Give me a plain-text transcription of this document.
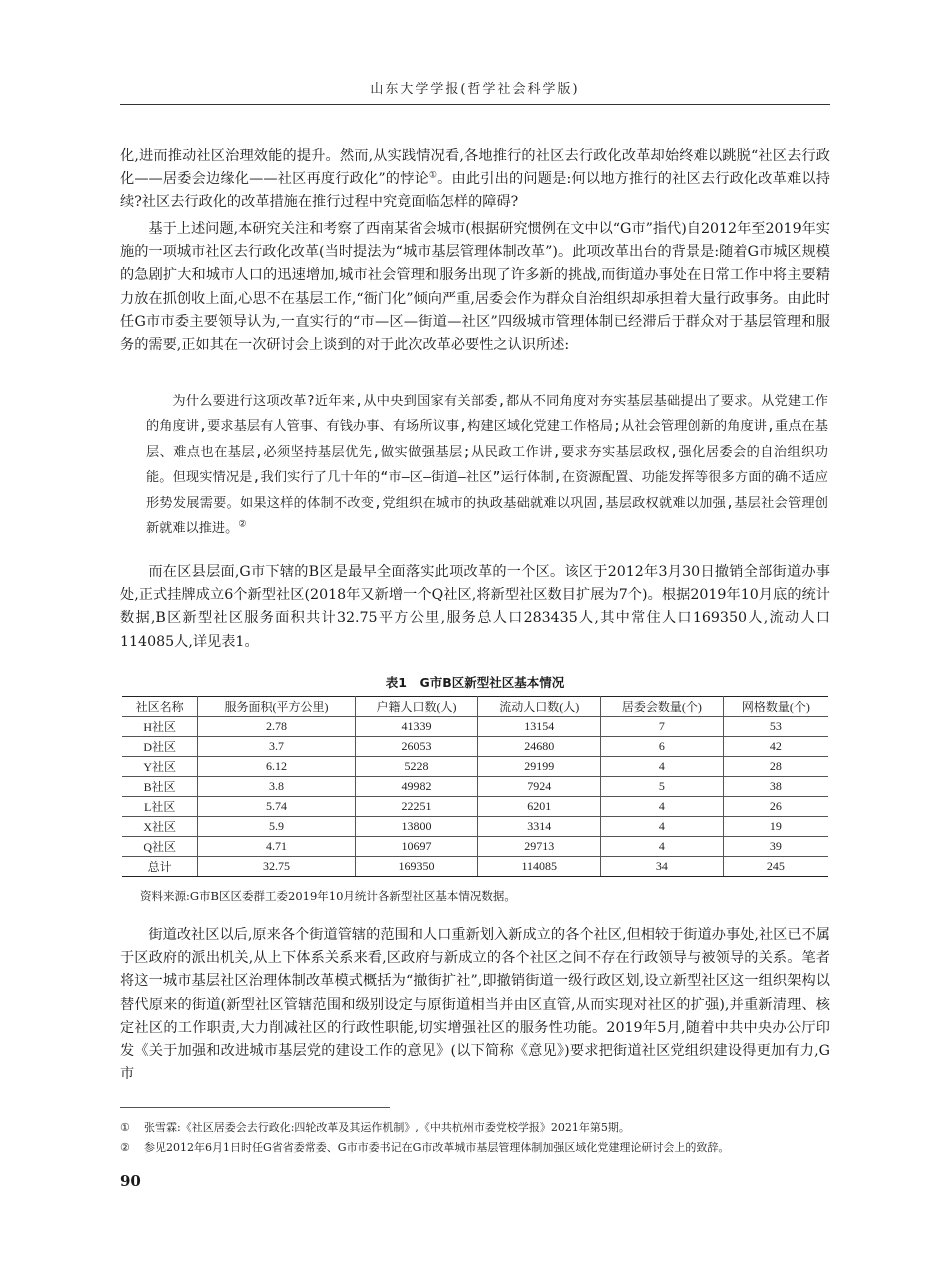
山东大学学报(哲学社会科学版)

化,进而推动社区治理效能的提升。然而,从实践情况看,各地推行的社区去行政化改革却始终难以跳脱“社区去行政化——居委会边缘化——社区再度行政化”的悖论①。由此引出的问题是:何以地方推行的社区去行政化改革难以持续?社区去行政化的改革措施在推行过程中究竟面临怎样的障碍?

基于上述问题,本研究关注和考察了西南某省会城市(根据研究惯例在文中以“G市”指代)自2012年至2019年实施的一项城市社区去行政化改革(当时提法为“城市基层管理体制改革”)。此项改革出台的背景是:随着G市城区规模的急剧扩大和城市人口的迅速增加,城市社会管理和服务出现了许多新的挑战,而街道办事处在日常工作中将主要精力放在抓创收上面,心思不在基层工作,“衙门化”倾向严重,居委会作为群众自治组织却承担着大量行政事务。由此时任G市市委主要领导认为,一直实行的“市—区—街道—社区”四级城市管理体制已经滞后于群众对于基层管理和服务的需要,正如其在一次研讨会上谈到的对于此次改革必要性之认识所述:

为什么要进行这项改革?近年来,从中央到国家有关部委,都从不同角度对夯实基层基础提出了要求。从党建工作的角度讲,要求基层有人管事、有钱办事、有场所议事,构建区域化党建工作格局;从社会管理创新的角度讲,重点在基层、难点也在基层,必须坚持基层优先,做实做强基层;从民政工作讲,要求夯实基层政权,强化居委会的自治组织功能。但现实情况是,我们实行了几十年的“市—区—街道—社区”运行体制,在资源配置、功能发挥等很多方面的确不适应形势发展需要。如果这样的体制不改变,党组织在城市的执政基础就难以巩固,基层政权就难以加强,基层社会管理创新就难以推进。②

而在区县层面,G市下辖的B区是最早全面落实此项改革的一个区。该区于2012年3月30日撤销全部街道办事处,正式挂牌成立6个新型社区(2018年又新增一个Q社区,将新型社区数目扩展为7个)。根据2019年10月底的统计数据,B区新型社区服务面积共计32.75平方公里,服务总人口283435人,其中常住人口169350人,流动人口114085人,详见表1。

表1　G市B区新型社区基本情况
社区名称	服务面积(平方公里)	户籍人口数(人)	流动人口数(人)	居委会数量(个)	网格数量(个)
H社区	2.78	41339	13154	7	53
D社区	3.7	26053	24680	6	42
Y社区	6.12	5228	29199	4	28
B社区	3.8	49982	7924	5	38
L社区	5.74	22251	6201	4	26
X社区	5.9	13800	3314	4	19
Q社区	4.71	10697	29713	4	39
总计	32.75	169350	114085	34	245
资料来源:G市B区区委群工委2019年10月统计各新型社区基本情况数据。

街道改社区以后,原来各个街道管辖的范围和人口重新划入新成立的各个社区,但相较于街道办事处,社区已不属于区政府的派出机关,从上下体系关系来看,区政府与新成立的各个社区之间不存在行政领导与被领导的关系。笔者将这一城市基层社区治理体制改革模式概括为“撤街扩社”,即撤销街道一级行政区划,设立新型社区这一组织架构以替代原来的街道(新型社区管辖范围和级别设定与原街道相当并由区直管,从而实现对社区的扩强),并重新清理、核定社区的工作职责,大力削减社区的行政性职能,切实增强社区的服务性功能。2019年5月,随着中共中央办公厅印发《关于加强和改进城市基层党的建设工作的意见》(以下简称《意见》)要求把街道社区党组织建设得更加有力,G市

① 张雪霖:《社区居委会去行政化:四轮改革及其运作机制》,《中共杭州市委党校学报》2021年第5期。
② 参见2012年6月1日时任G省省委常委、G市市委书记在G市改革城市基层管理体制加强区域化党建理论研讨会上的致辞。
90
